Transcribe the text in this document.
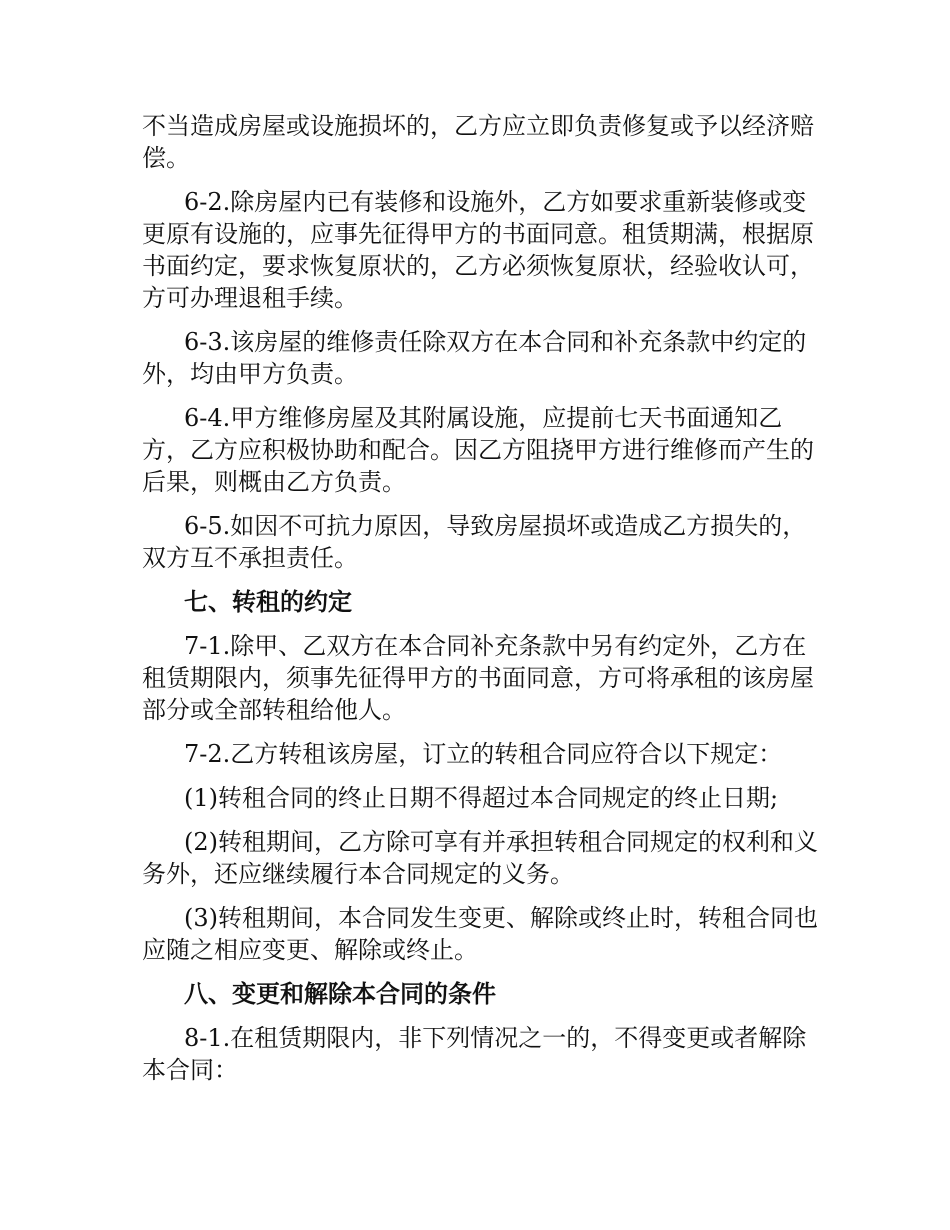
不当造成房屋或设施损坏的，乙方应立即负责修复或予以经济赔偿。

6-2.除房屋内已有装修和设施外，乙方如要求重新装修或变更原有设施的，应事先征得甲方的书面同意。租赁期满，根据原书面约定，要求恢复原状的，乙方必须恢复原状，经验收认可，方可办理退租手续。

6-3.该房屋的维修责任除双方在本合同和补充条款中约定的外，均由甲方负责。

6-4.甲方维修房屋及其附属设施，应提前七天书面通知乙方，乙方应积极协助和配合。因乙方阻挠甲方进行维修而产生的后果，则概由乙方负责。

6-5.如因不可抗力原因，导致房屋损坏或造成乙方损失的，双方互不承担责任。

七、转租的约定

7-1.除甲、乙双方在本合同补充条款中另有约定外，乙方在租赁期限内，须事先征得甲方的书面同意，方可将承租的该房屋部分或全部转租给他人。

7-2.乙方转租该房屋，订立的转租合同应符合以下规定：

(1)转租合同的终止日期不得超过本合同规定的终止日期;

(2)转租期间，乙方除可享有并承担转租合同规定的权利和义务外，还应继续履行本合同规定的义务。

(3)转租期间，本合同发生变更、解除或终止时，转租合同也应随之相应变更、解除或终止。

八、变更和解除本合同的条件

8-1.在租赁期限内，非下列情况之一的，不得变更或者解除本合同：
